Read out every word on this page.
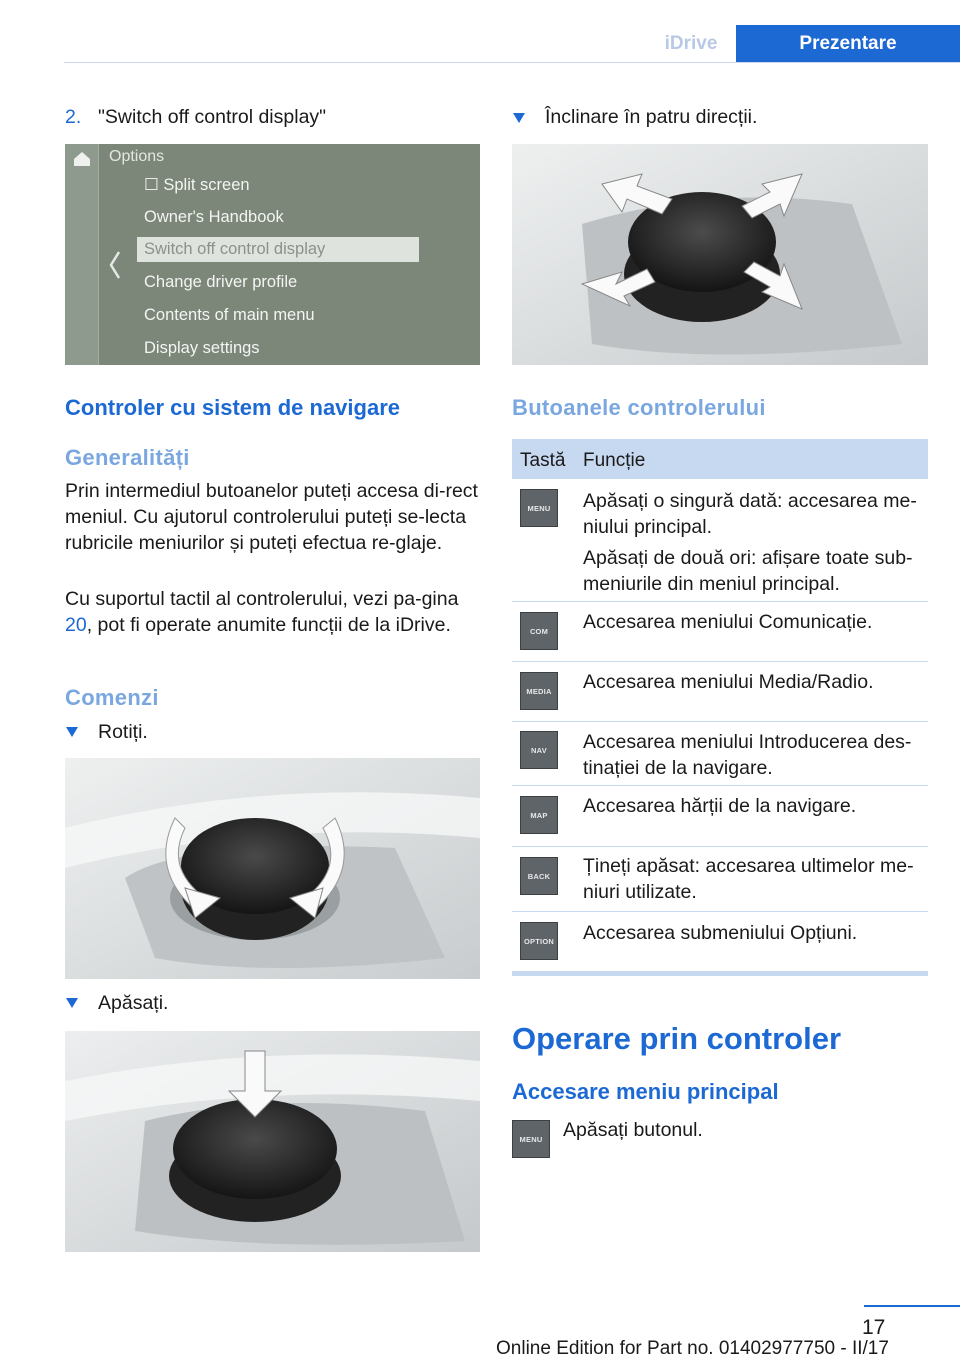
iDrive	Prezentare
2. "Switch off control display"
Options
☐ Split screen
Owner's Handbook
Switch off control display
Change driver profile
Contents of main menu
Display settings
Controler cu sistem de navigare
Generalități
Prin intermediul butoanelor puteți accesa di‐rect meniul. Cu ajutorul controlerului puteți se‐lecta rubricile meniurilor și puteți efectua re‐glaje.
Cu suportul tactil al controlerului, vezi pa‐gina 20, pot fi operate anumite funcții de la iDrive.
Comenzi
Rotiți.
Apăsați.
Înclinare în patru direcții.
Butoanele controlerului
Tastă Funcție
MENU	Apăsați o singură dată: accesarea me‐niului principal.
Apăsați de două ori: afișare toate sub‐meniurile din meniul principal.
COM	Accesarea meniului Comunicație.
MEDIA	Accesarea meniului Media/Radio.
NAV	Accesarea meniului Introducerea des‐tinației de la navigare.
MAP	Accesarea hărții de la navigare.
BACK	Țineți apăsat: accesarea ultimelor me‐niuri utilizate.
OPTION Accesarea submeniului Opțiuni.
Operare prin controler
Accesare meniu principal
MENU	Apăsați butonul.
17
Online Edition for Part no. 01402977750 - II/17
